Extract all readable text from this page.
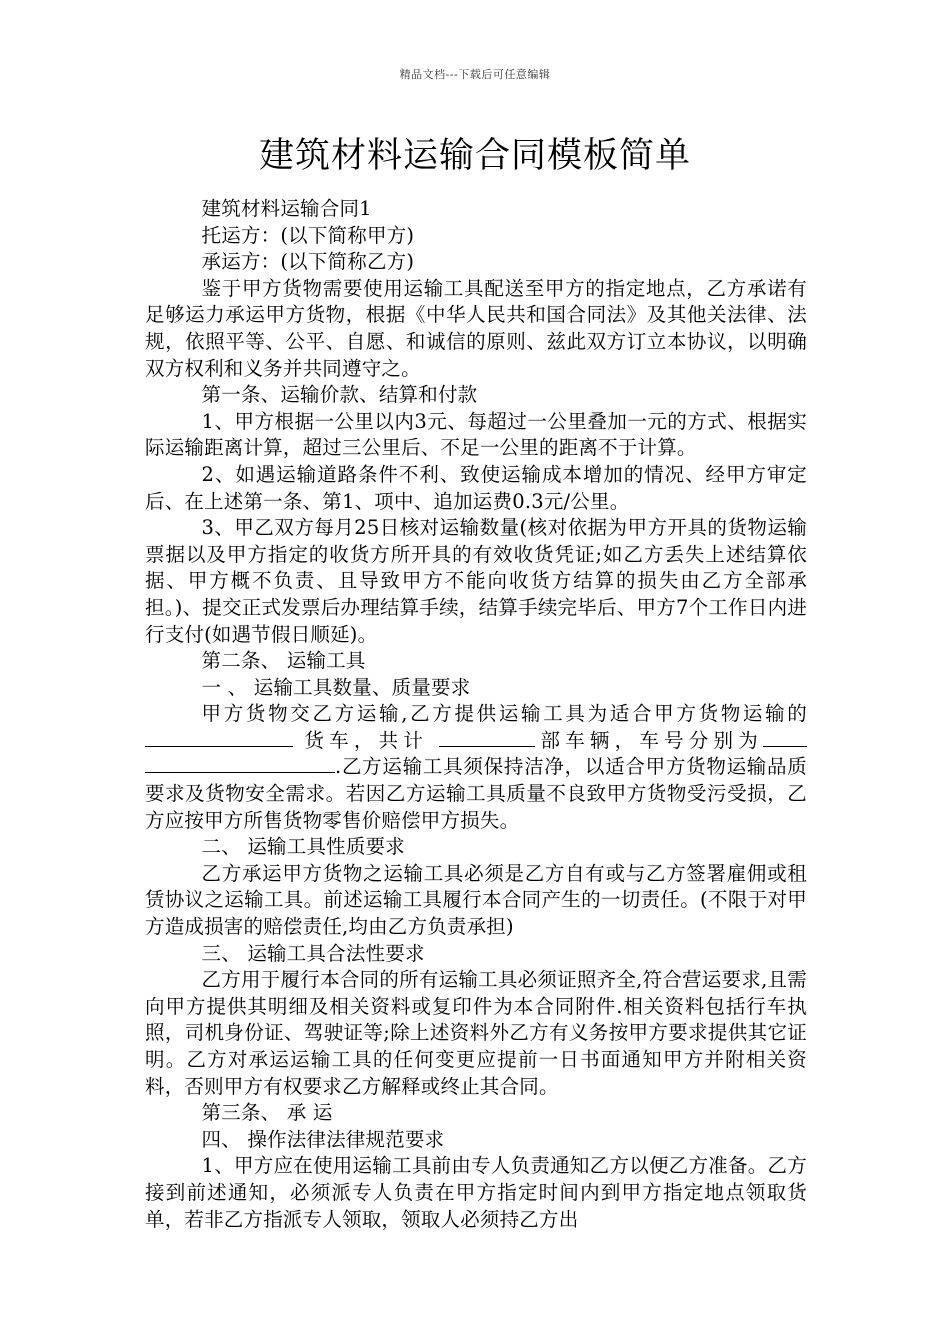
精品文档---下载后可任意编辑
建筑材料运输合同模板简单

建筑材料运输合同1

托运方：(以下简称甲方)

承运方：(以下简称乙方)

鉴于甲方货物需要使用运输工具配送至甲方的指定地点，乙方承诺有足够运力承运甲方货物，根据《中华人民共和国合同法》及其他关法律、法规，依照平等、公平、自愿、和诚信的原则、兹此双方订立本协议，以明确双方权利和义务并共同遵守之。

第一条、运输价款、结算和付款

1、甲方根据一公里以内3元、每超过一公里叠加一元的方式、根据实际运输距离计算，超过三公里后、不足一公里的距离不于计算。

2、如遇运输道路条件不利、致使运输成本增加的情况、经甲方审定后、在上述第一条、第1、项中、追加运费0.3元/公里。

3、甲乙双方每月25日核对运输数量(核对依据为甲方开具的货物运输票据以及甲方指定的收货方所开具的有效收货凭证;如乙方丢失上述结算依据、甲方概不负责、且导致甲方不能向收货方结算的损失由乙方全部承担。)、提交正式发票后办理结算手续，结算手续完毕后、甲方7个工作日内进行支付(如遇节假日顺延)。

第二条、 运输工具

一 、 运输工具数量、质量要求

甲方货物交乙方运输,乙方提供运输工具为适合甲方货物运输的  货车，共计	部车辆，车号分别为.乙方运输工具须保持洁净，以适合甲方货物运输品质要求及货物安全需求。若因乙方运输工具质量不良致甲方货物受污受损，乙方应按甲方所售货物零售价赔偿甲方损失。

二、 运输工具性质要求

乙方承运甲方货物之运输工具必须是乙方自有或与乙方签署雇佣或租赁协议之运输工具。前述运输工具履行本合同产生的一切责任。(不限于对甲方造成损害的赔偿责任,均由乙方负责承担)

三、 运输工具合法性要求

乙方用于履行本合同的所有运输工具必须证照齐全,符合营运要求,且需向甲方提供其明细及相关资料或复印件为本合同附件.相关资料包括行车执照，司机身份证、驾驶证等;除上述资料外乙方有义务按甲方要求提供其它证明。乙方对承运运输工具的任何变更应提前一日书面通知甲方并附相关资料，否则甲方有权要求乙方解释或终止其合同。

第三条、 承 运

四、 操作法律法律规范要求

1、甲方应在使用运输工具前由专人负责通知乙方以便乙方准备。乙方接到前述通知，必须派专人负责在甲方指定时间内到甲方指定地点领取货单，若非乙方指派专人领取，领取人必须持乙方出
